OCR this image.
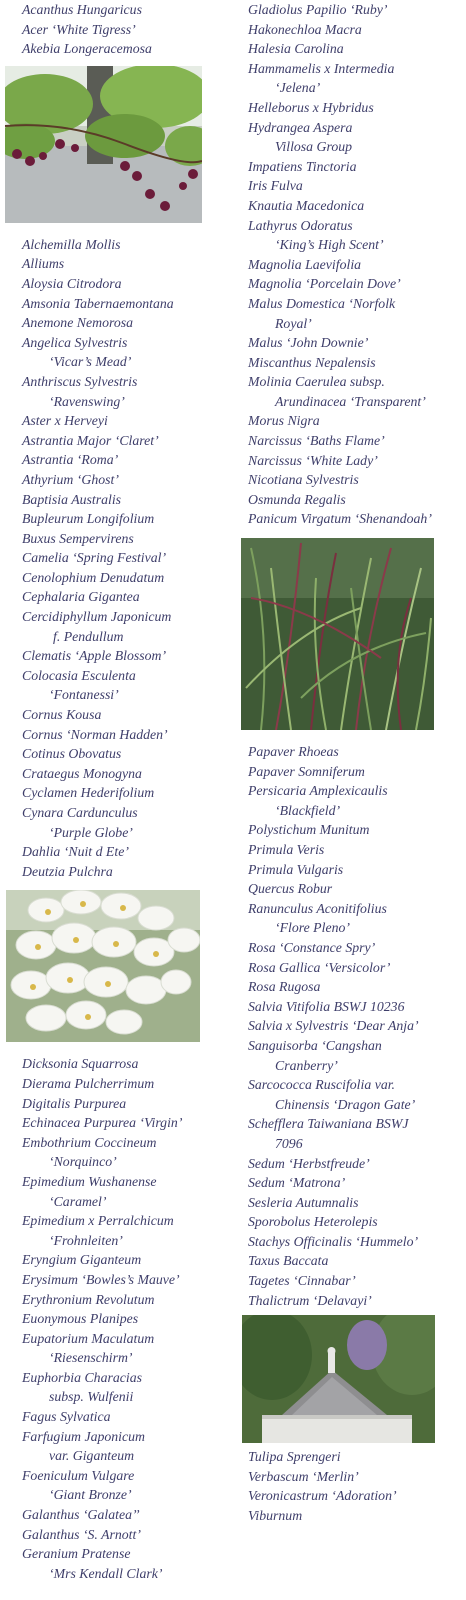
Acanthus Hungaricus
Acer ‘White Tigress’
Akebia Longeracemosa
Alchemilla Mollis
Alliums
Aloysia Citrodora
Amsonia Tabernaemontana
Anemone Nemorosa
Angelica Sylvestris
‘Vicar’s Mead’
Anthriscus Sylvestris
‘Ravenswing’
Aster x Herveyi
Astrantia Major ‘Claret’
Astrantia ‘Roma’
Athyrium ‘Ghost’
Baptisia Australis
Bupleurum Longifolium
Buxus Sempervirens
Camelia ‘Spring Festival’
Cenolophium Denudatum
Cephalaria Gigantea
Cercidiphyllum Japonicum
f. Pendullum
Clematis ‘Apple Blossom’
Colocasia Esculenta
‘Fontanessi’
Cornus Kousa
Cornus ‘Norman Hadden’
Cotinus Obovatus
Crataegus Monogyna
Cyclamen Hederifolium
Cynara Cardunculus
‘Purple Globe’
Dahlia ‘Nuit d Ete’
Deutzia Pulchra
Dicksonia Squarrosa
Dierama Pulcherrimum
Digitalis Purpurea
Echinacea Purpurea ‘Virgin’
Embothrium Coccineum
‘Norquinco’
Epimedium Wushanense
‘Caramel’
Epimedium x Perralchicum
‘Frohnleiten’
Eryngium Giganteum
Erysimum ‘Bowles’s Mauve’
Erythronium Revolutum
Euonymous Planipes
Eupatorium Maculatum
‘Riesenschirm’
Euphorbia Characias
subsp. Wulfenii
Fagus Sylvatica
Farfugium Japonicum
var. Giganteum
Foeniculum Vulgare
‘Giant Bronze’
Galanthus ‘Galatea’’
Galanthus ‘S. Arnott’
Geranium Pratense
‘Mrs Kendall Clark’
Gladiolus Papilio ‘Ruby’
Hakonechloa Macra
Halesia Carolina
Hammamelis x Intermedia
‘Jelena’
Helleborus x Hybridus
Hydrangea Aspera
Villosa Group
Impatiens Tinctoria
Iris Fulva
Knautia Macedonica
Lathyrus Odoratus
‘King’s High Scent’
Magnolia Laevifolia
Magnolia ‘Porcelain Dove’
Malus Domestica ‘Norfolk
Royal’
Malus ‘John Downie’
Miscanthus Nepalensis
Molinia Caerulea subsp.
Arundinacea ‘Transparent’
Morus Nigra
Narcissus ‘Baths Flame’
Narcissus ‘White Lady’
Nicotiana Sylvestris
Osmunda Regalis
Panicum Virgatum ‘Shenandoah’
Papaver Rhoeas
Papaver Somniferum
Persicaria Amplexicaulis
‘Blackfield’
Polystichum Munitum
Primula Veris
Primula Vulgaris
Quercus Robur
Ranunculus Aconitifolius
‘Flore Pleno’
Rosa ‘Constance Spry’
Rosa Gallica ‘Versicolor’
Rosa Rugosa
Salvia Vitifolia BSWJ 10236
Salvia x Sylvestris ‘Dear Anja’
Sanguisorba ‘Cangshan
Cranberry’
Sarcococca Ruscifolia var.
Chinensis ‘Dragon Gate’
Schefflera Taiwaniana BSWJ
7096
Sedum ‘Herbstfreude’
Sedum ‘Matrona’
Sesleria Autumnalis
Sporobolus Heterolepis
Stachys Officinalis ‘Hummelo’
Taxus Baccata
Tagetes ‘Cinnabar’
Thalictrum ‘Delavayi’
Tulipa Sprengeri
Verbascum ‘Merlin’
Veronicastrum ‘Adoration’
Viburnum
